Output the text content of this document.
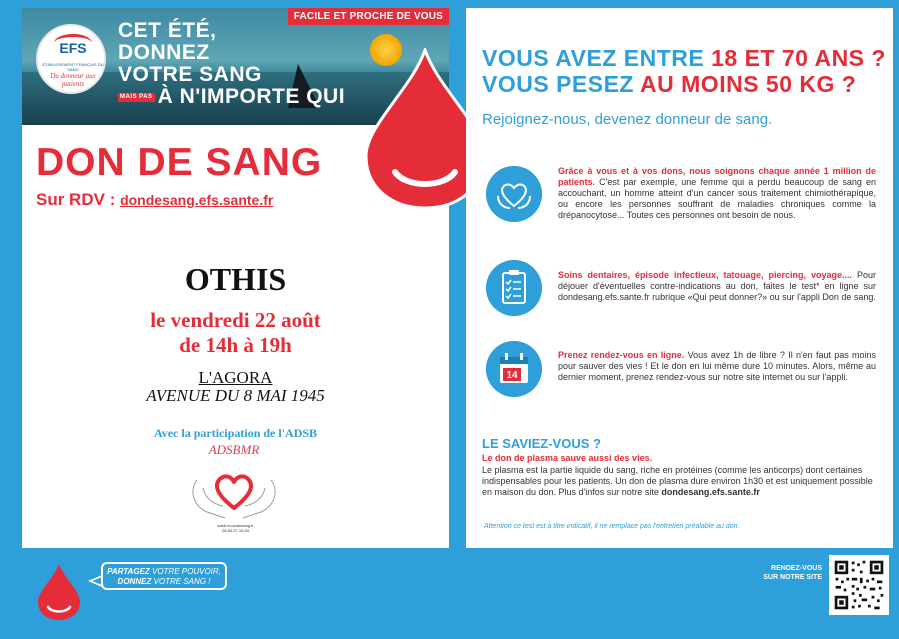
FACILE ET PROCHE DE VOUS
EFS
ÉTABLISSEMENT FRANÇAIS DU SANG
Du donneur aux patients
CET ÉTÉ,
DONNEZ
VOTRE SANG
MAIS PAS À N'IMPORTE QUI
DON DE SANG
Sur RDV : dondesang.efs.sante.fr
OTHIS
le vendredi 22 août
de 14h à 19h
L'AGORA
AVENUE DU 8 MAI 1945
Avec la participation de l'ADSB
ADSBMR
adsb.mouvdesang.fr
06.63.27.10.53
VOUS AVEZ ENTRE 18 ET 70 ANS ?
VOUS PESEZ AU MOINS 50 KG ?
Rejoignez-nous, devenez donneur de sang.
Grâce à vous et à vos dons, nous soignons chaque année 1 million de patients. C'est par exemple, une femme qui a perdu beaucoup de sang en accouchant, un homme atteint d'un cancer sous traitement chimiothérapique, ou encore les personnes souffrant de maladies chroniques comme la drépanocytose... Toutes ces personnes ont besoin de nous.
Soins dentaires, épisode infectieux, tatouage, piercing, voyage.... Pour déjouer d'éventuelles contre-indications au don, faites le test* en ligne sur dondesang.efs.sante.fr rubrique «Qui peut donner?» ou sur l'appli Don de sang.
14
Prenez rendez-vous en ligne. Vous avez 1h de libre ? Il n'en faut pas moins pour sauver des vies ! Et le don en lui même dure 10 minutes. Alors, même au dernier moment, prenez rendez-vous sur notre site internet ou sur l'appli.
LE SAVIEZ-VOUS ?
Le don de plasma sauve aussi des vies.
Le plasma est la partie liquide du sang, riche en protéines (comme les anticorps) dont certaines indispensables pour les patients. Un don de plasma dure environ 1h30 et est uniquement possible en maison du don. Plus d'infos sur notre site dondesang.efs.sante.fr
Attention ce test est à titre indicatif, il ne remplace pas l'entretien préalable au don.
PARTAGEZ VOTRE POUVOIR,
DONNEZ VOTRE SANG !
RENDEZ-VOUS
SUR NOTRE SITE
